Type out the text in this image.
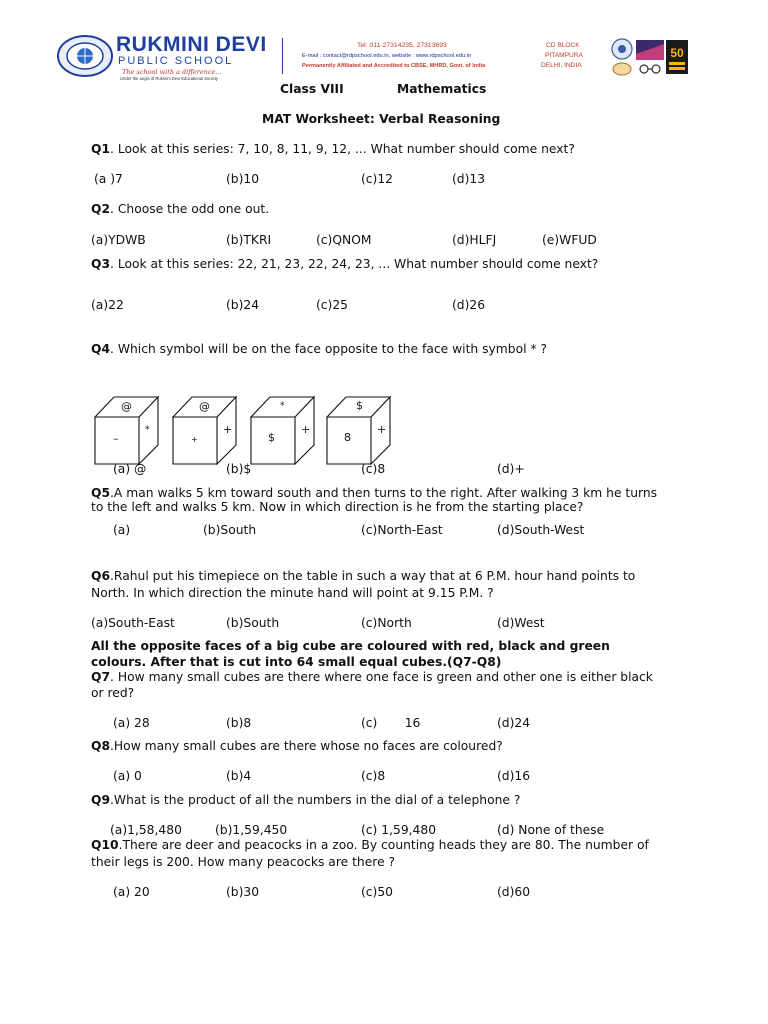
RUKMINI DEVI
PUBLIC SCHOOL
The school with a difference...
Under the aegis of Rukmini Devi Educational Society
Tel: 011-27314235, 27313693
E-mail : contact@rdpschool.edu.in, website : www.rdpschool.edu.in
Permanently Affiliated and Accredited to CBSE, MHRD, Govt. of India
CD BLOCK
PITAMPURA
DELHI, INDIA
50
Class VIII	Mathematics
MAT Worksheet: Verbal Reasoning
Q1. Look at this series: 7, 10, 8, 11, 9, 12, ... What number should come next?
(a )7	(b)10	(c)12	(d)13
Q2. Choose the odd one out.
(a)YDWB	(b)TKRI	(c)QNOM	(d)HLFJ	(e)WFUD
Q3. Look at this series: 22, 21, 23, 22, 24, 23, ... What number should come next?
(a)22	(b)24	(c)25	(d)26
Q4. Which symbol will be on the face opposite to the face with symbol * ?
@
–
*
@
+
+
*
$
+
$
8
+
(a) @	(b)$	(c)8	(d)+
Q5.A man walks 5 km toward south and then turns to the right. After walking 3 km he turns
to the left and walks 5 km. Now in which direction is he from the starting place?
(a)	(b)South	(c)North-East	(d)South-West
Q6.Rahul put his timepiece on the table in such a way that at 6 P.M. hour hand points to
North. In which direction the minute hand will point at 9.15 P.M. ?
(a)South-East	(b)South	(c)North	(d)West
All the opposite faces of a big cube are coloured with red, black and green
colours. After that is cut into 64 small equal cubes.(Q7-Q8)
Q7. How many small cubes are there where one face is green and other one is either black
or red?
(a) 28	(b)8	(c)       16	(d)24
Q8.How many small cubes are there whose no faces are coloured?
(a) 0	(b)4	(c)8	(d)16
Q9.What is the product of all the numbers in the dial of a telephone ?
(a)1,58,480	(b)1,59,450	(c) 1,59,480	(d) None of these
Q10.There are deer and peacocks in a zoo. By counting heads they are 80. The number of
their legs is 200. How many peacocks are there ?
(a) 20	(b)30	(c)50	(d)60
